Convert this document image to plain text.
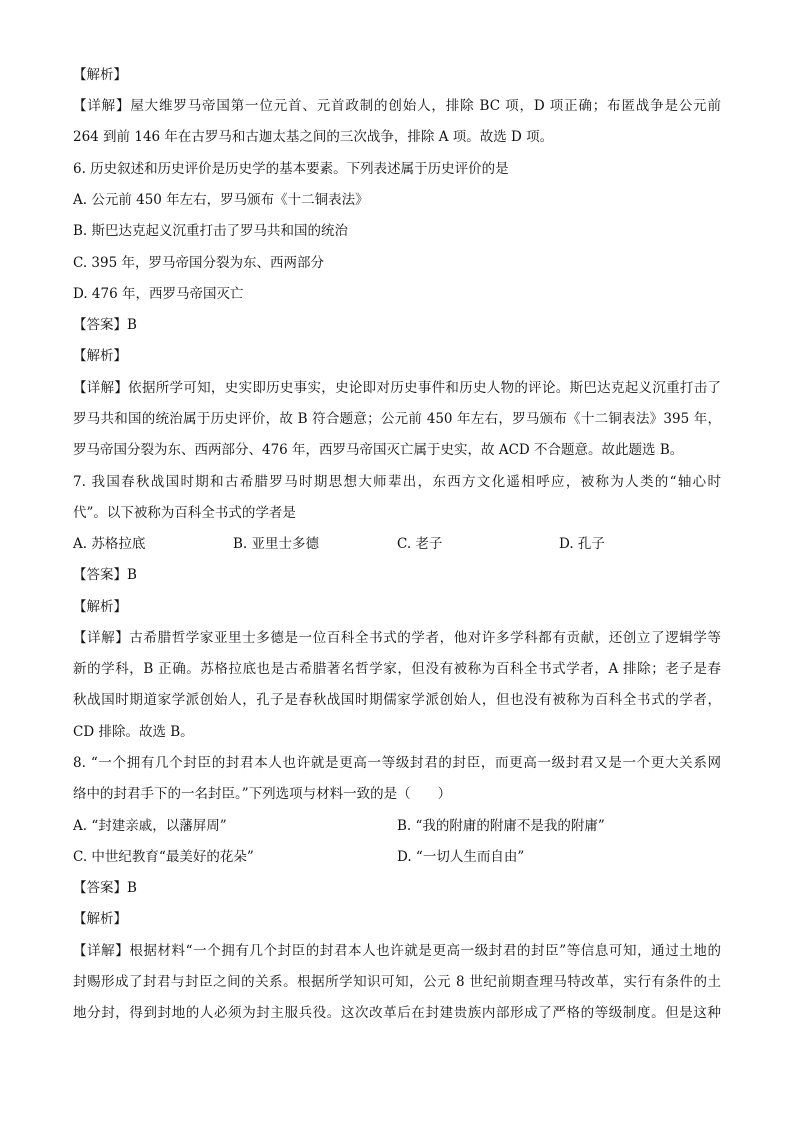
【解析】
【详解】屋大维罗马帝国第一位元首、元首政制的创始人，排除 BC 项，D 项正确；布匿战争是公元前
264 到前 146 年在古罗马和古迦太基之间的三次战争，排除 A 项。故选 D 项。
6. 历史叙述和历史评价是历史学的基本要素。下列表述属于历史评价的是
A. 公元前 450 年左右，罗马颁布《十二铜表法》
B. 斯巴达克起义沉重打击了罗马共和国的统治
C. 395 年，罗马帝国分裂为东、西两部分
D. 476 年，西罗马帝国灭亡
【答案】B
【解析】
【详解】依据所学可知，史实即历史事实，史论即对历史事件和历史人物的评论。斯巴达克起义沉重打击了
罗马共和国的统治属于历史评价，故 B 符合题意；公元前 450 年左右，罗马颁布《十二铜表法》395 年，
罗马帝国分裂为东、西两部分、476 年，西罗马帝国灭亡属于史实，故 ACD 不合题意。故此题选 B。
7. 我国春秋战国时期和古希腊罗马时期思想大师辈出，东西方文化遥相呼应，被称为人类的“轴心时
代”。以下被称为百科全书式的学者是
A. 苏格拉底	B. 亚里士多德	C. 老子	D. 孔子
【答案】B
【解析】
【详解】古希腊哲学家亚里士多德是一位百科全书式的学者，他对许多学科都有贡献，还创立了逻辑学等
新的学科，B 正确。苏格拉底也是古希腊著名哲学家，但没有被称为百科全书式学者，A 排除；老子是春
秋战国时期道家学派创始人，孔子是春秋战国时期儒家学派创始人，但也没有被称为百科全书式的学者，
CD 排除。故选 B。
8. “一个拥有几个封臣的封君本人也许就是更高一等级封君的封臣，而更高一级封君又是一个更大关系网
络中的封君手下的一名封臣。”下列选项与材料一致的是（　　）
A. “封建亲戚，以藩屏周”	B. “我的附庸的附庸不是我的附庸”
C. 中世纪教育“最美好的花朵”	D. “一切人生而自由”
【答案】B
【解析】
【详解】根据材料“一个拥有几个封臣的封君本人也许就是更高一级封君的封臣”等信息可知，通过土地的
封赐形成了封君与封臣之间的关系。根据所学知识可知，公元 8 世纪前期查理马特改革，实行有条件的土
地分封，得到封地的人必须为封主服兵役。这次改革后在封建贵族内部形成了严格的等级制度。但是这种
